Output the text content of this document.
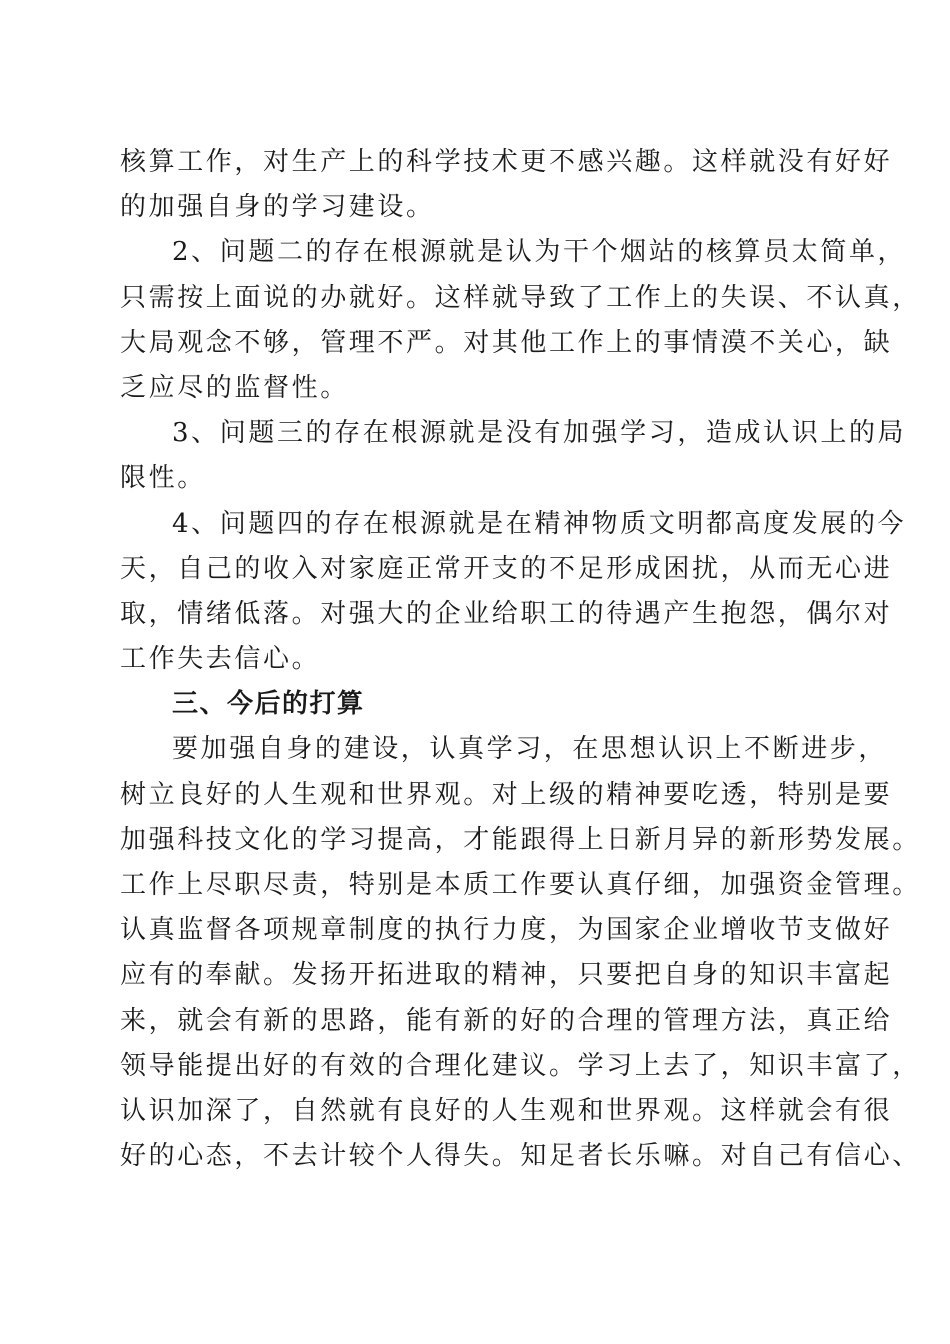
核算工作，对生产上的科学技术更不感兴趣。这样就没有好好
的加强自身的学习建设。
2、问题二的存在根源就是认为干个烟站的核算员太简单，
只需按上面说的办就好。这样就导致了工作上的失误、不认真，
大局观念不够，管理不严。对其他工作上的事情漠不关心，缺
乏应尽的监督性。
3、问题三的存在根源就是没有加强学习，造成认识上的局
限性。
4、问题四的存在根源就是在精神物质文明都高度发展的今
天，自己的收入对家庭正常开支的不足形成困扰，从而无心进
取，情绪低落。对强大的企业给职工的待遇产生抱怨，偶尔对
工作失去信心。
三、今后的打算
要加强自身的建设，认真学习，在思想认识上不断进步，
树立良好的人生观和世界观。对上级的精神要吃透，特别是要
加强科技文化的学习提高，才能跟得上日新月异的新形势发展。
工作上尽职尽责，特别是本质工作要认真仔细，加强资金管理。
认真监督各项规章制度的执行力度，为国家企业增收节支做好
应有的奉献。发扬开拓进取的精神，只要把自身的知识丰富起
来，就会有新的思路，能有新的好的合理的管理方法，真正给
领导能提出好的有效的合理化建议。学习上去了，知识丰富了，
认识加深了，自然就有良好的人生观和世界观。这样就会有很
好的心态，不去计较个人得失。知足者长乐嘛。对自己有信心、
